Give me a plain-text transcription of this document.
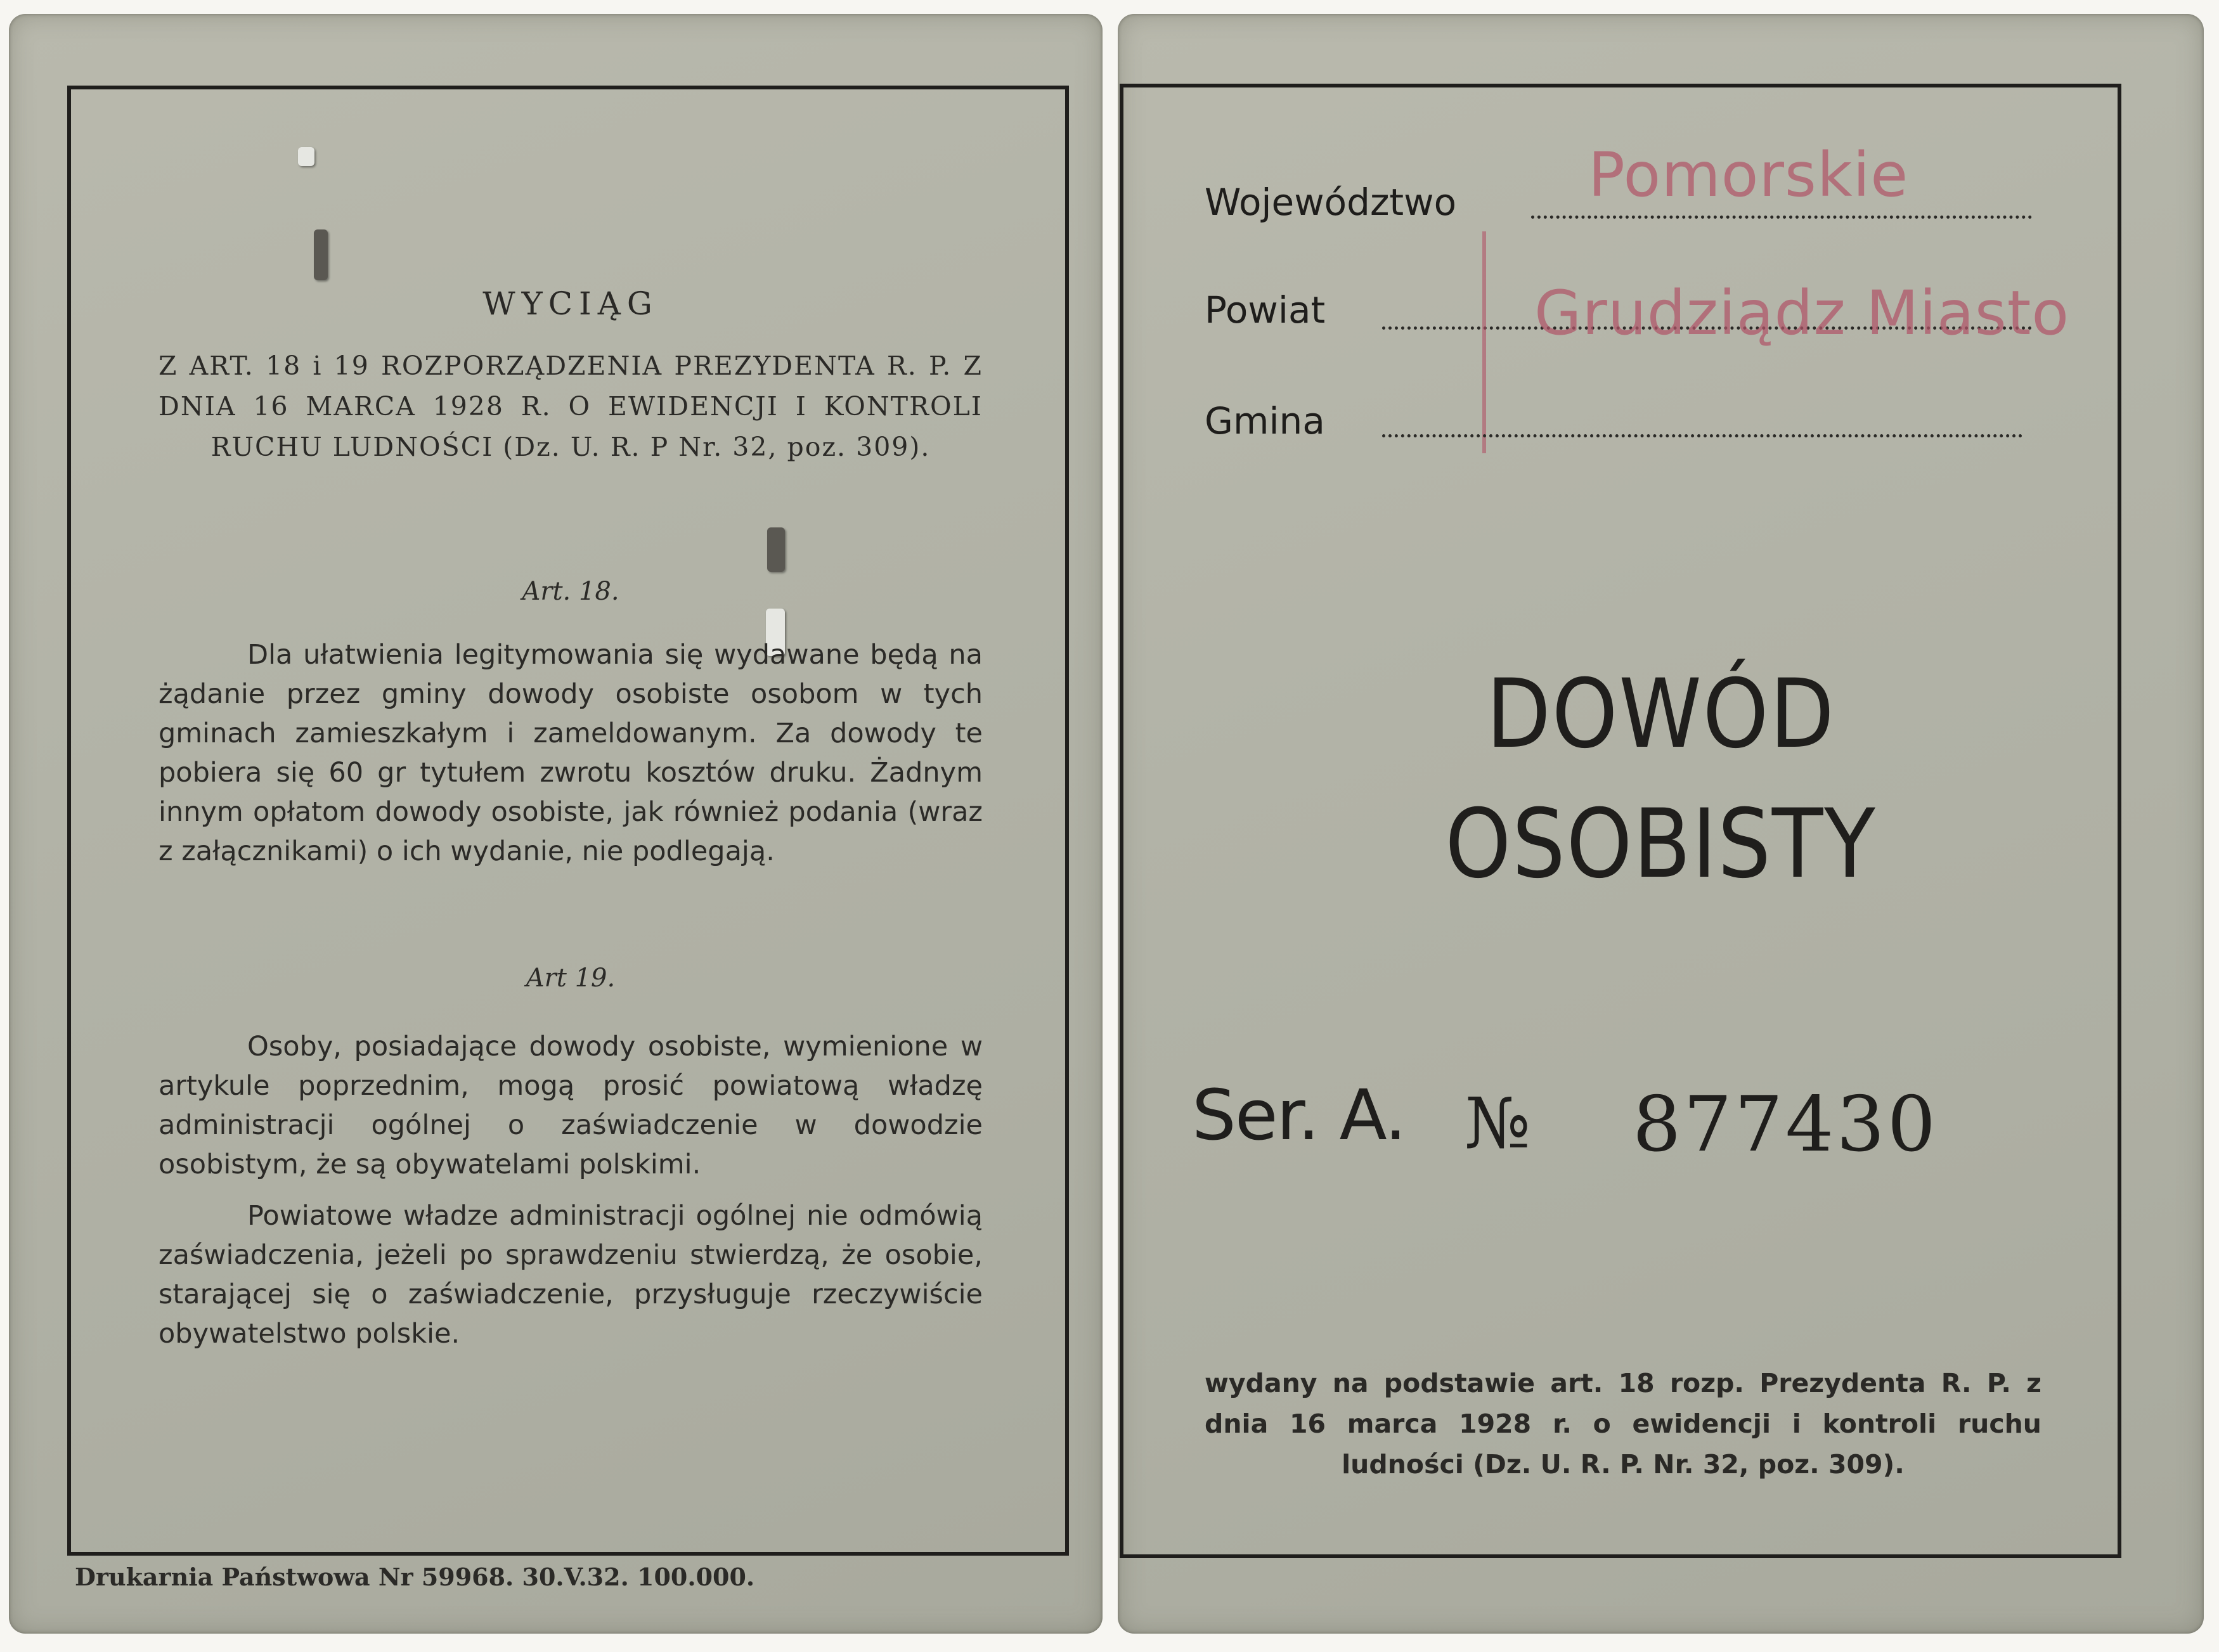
WYCIĄG
Z ART. 18 i 19 ROZPORZĄDZENIA PREZYDENTA R. P. Z DNIA 16 MARCA 1928 R. O EWIDENCJI I KONTROLI RUCHU LUDNOŚCI (Dz. U. R. P Nr. 32, poz. 309).
Art. 18.
Dla ułatwienia legitymowania się wydawane będą na żądanie przez gminy dowody osobiste osobom w tych gminach zamieszkałym i zameldowanym. Za dowody te pobiera się 60 gr tytułem zwrotu kosztów druku. Żadnym innym opłatom dowody osobiste, jak również podania (wraz z załącznikami) o ich wydanie, nie podlegają.
Art 19.
Osoby, posiadające dowody osobiste, wymienione w artykule poprzednim, mogą prosić powiatową władzę administracji ogólnej o zaświadczenie w dowodzie osobistym, że są obywatelami polskimi.
Powiatowe władze administracji ogólnej nie odmówią zaświadczenia, jeżeli po sprawdzeniu stwierdzą, że osobie, starającej się o zaświadczenie, przysługuje rzeczywiście obywatelstwo polskie.
Drukarnia Państwowa Nr 59968. 30.V.32. 100.000.
Województwo Pomorskie
Powiat	Grudziądz Miasto
Gmina
DOWÓD
OSOBISTY
Ser. A. № 877430
wydany na podstawie art. 18 rozp. Prezydenta R. P. z dnia 16 marca 1928 r. o ewidencji i kontroli ruchu ludności (Dz. U. R. P. Nr. 32, poz. 309).
